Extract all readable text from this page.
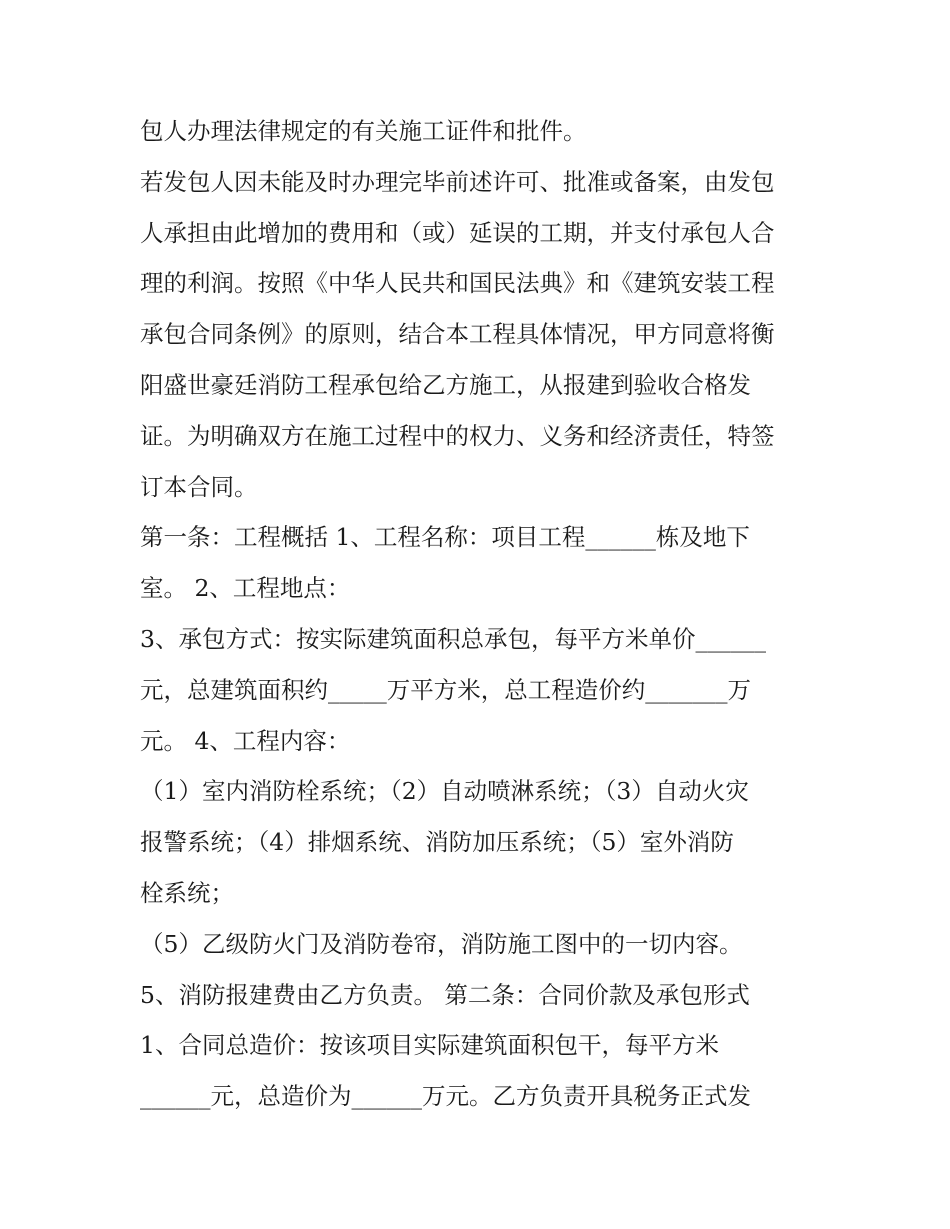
包人办理法律规定的有关施工证件和批件。
若发包人因未能及时办理完毕前述许可、批准或备案，由发包
人承担由此增加的费用和（或）延误的工期，并支付承包人合
理的利润。按照《中华人民共和国民法典》和《建筑安装工程
承包合同条例》的原则，结合本工程具体情况，甲方同意将衡
阳盛世豪廷消防工程承包给乙方施工，从报建到验收合格发
证。为明确双方在施工过程中的权力、义务和经济责任，特签
订本合同。
第一条：工程概括 1、工程名称：项目工程______栋及地下
室。 2、工程地点：
3、承包方式：按实际建筑面积总承包，每平方米单价______
元，总建筑面积约_____万平方米，总工程造价约_______万
元。 4、工程内容：
（1）室内消防栓系统；（2）自动喷淋系统；（3）自动火灾
报警系统；（4）排烟系统、消防加压系统；（5）室外消防
栓系统；
（5）乙级防火门及消防卷帘，消防施工图中的一切内容。
5、消防报建费由乙方负责。 第二条：合同价款及承包形式
1、合同总造价：按该项目实际建筑面积包干，每平方米
______元，总造价为______万元。乙方负责开具税务正式发
